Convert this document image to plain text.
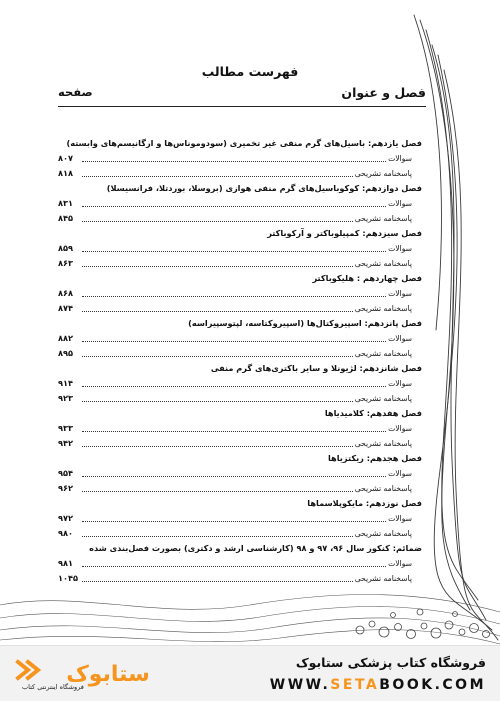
فهرست مطالب
فصل و عنوان
صفحه
فصل یازدهم: باسیل‌های گرم منفی غیر تخمیری (سودوموناس‌ها و ارگانیسم‌های وابسته)
سوالات
۸۰۷
پاسخنامه تشریحی
۸۱۸
فصل دوازدهم: کوکوباسیل‌های گرم منفی هوازی (بروسلا، بوردتلا، فرانسیسلا)
سوالات
۸۳۱
پاسخنامه تشریحی
۸۴۵
فصل سیزدهم: کمپیلوباکتر و آرکوباکتر
سوالات
۸۵۹
پاسخنامه تشریحی
۸۶۳
فصل چهاردهم : هلیکوباکتر
سوالات
۸۶۸
پاسخنامه تشریحی
۸۷۴
فصل پانزدهم: اسپیروکتال‌ها (اسپیروکتاسه، لپتوسپیراسه)
سوالات
۸۸۲
پاسخنامه تشریحی
۸۹۵
فصل شانزدهم: لژیونلا و سایر باکتری‌های گرم منفی
سوالات
۹۱۴
پاسخنامه تشریحی
۹۲۳
فصل هفدهم: کلامیدیاها
سوالات
۹۳۳
پاسخنامه تشریحی
۹۴۲
فصل هجدهم: ریکتزیاها
سوالات
۹۵۴
پاسخنامه تشریحی
۹۶۲
فصل نوزدهم: مایکوپلاسماها
سوالات
۹۷۲
پاسخنامه تشریحی
۹۸۰
ضمائم: کنکور سال ۹۶، ۹۷ و ۹۸ (کارشناسی ارشد و دکتری) بصورت فصل‌بندی شده
سوالات
۹۸۱
پاسخنامه تشریحی
۱۰۴۵
ستابوک
فروشگاه اینترنتی کتاب
فروشگاه کتاب پزشکی ستابوک
WWW.SETABOOK.COM
